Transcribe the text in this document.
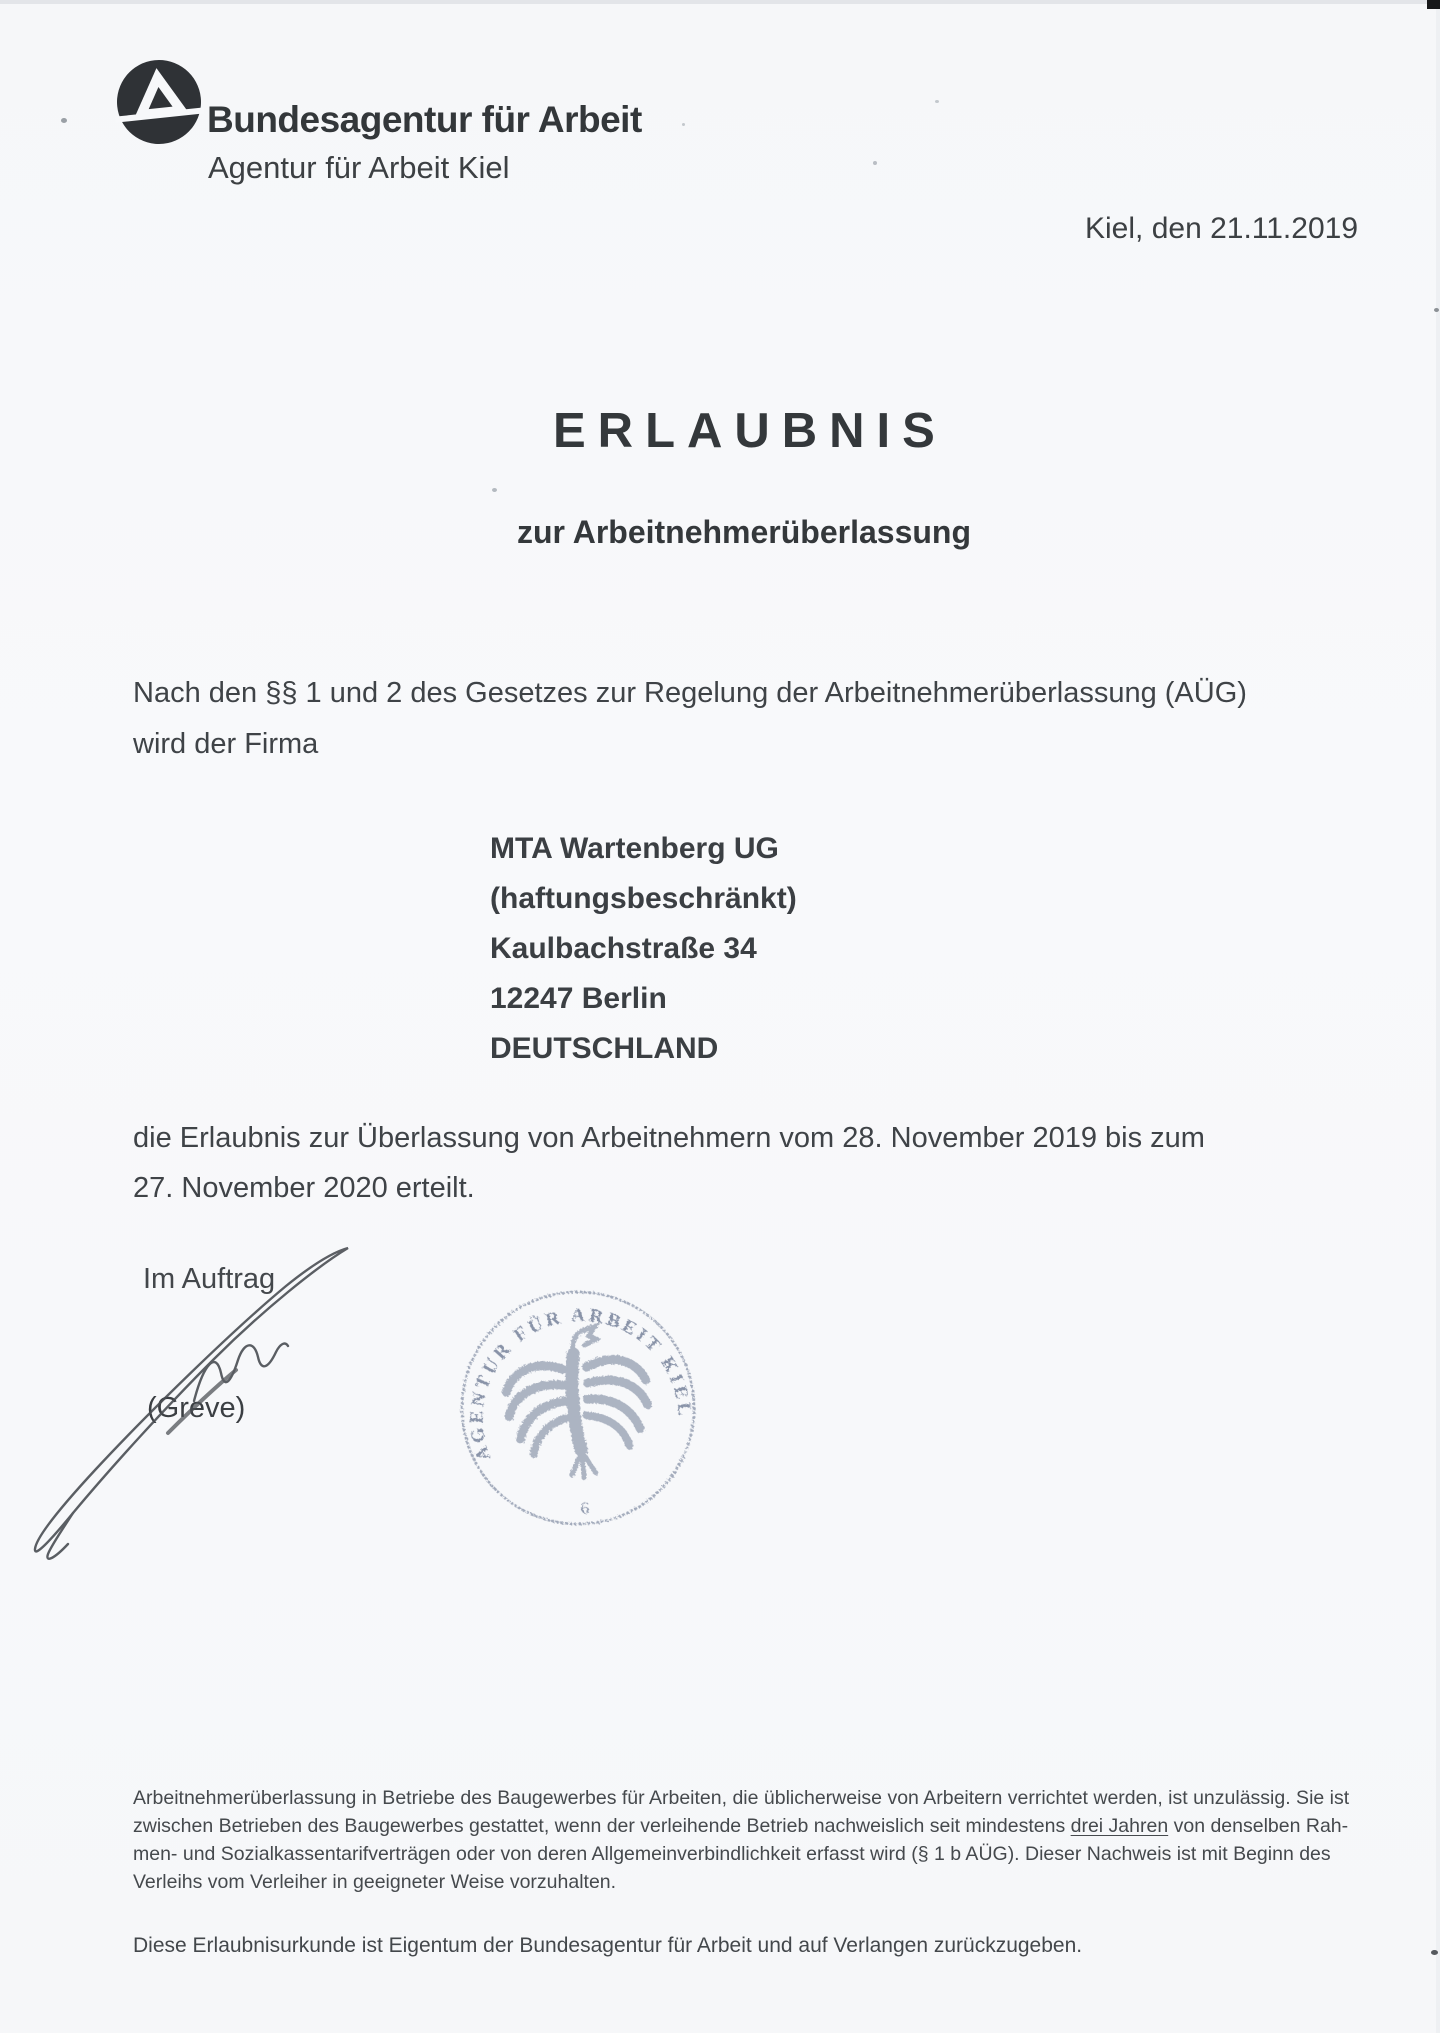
Bundesagentur für Arbeit
Agentur für Arbeit Kiel
Kiel, den 21.11.2019
ERLAUBNIS
zur Arbeitnehmerüberlassung
Nach den §§ 1 und 2 des Gesetzes zur Regelung der Arbeitnehmerüberlassung (AÜG)
wird der Firma
MTA Wartenberg UG
(haftungsbeschränkt)
Kaulbachstraße 34
12247 Berlin
DEUTSCHLAND
die Erlaubnis zur Überlassung von Arbeitnehmern vom 28. November 2019 bis zum
27. November 2020 erteilt.
Im Auftrag
(Greve)
AGENTUR FÜR ARBEIT KIEL
6
Arbeitnehmerüberlassung in Betriebe des Baugewerbes für Arbeiten, die üblicherweise von Arbeitern verrichtet werden, ist unzulässig. Sie ist
zwischen Betrieben des Baugewerbes gestattet, wenn der verleihende Betrieb nachweislich seit mindestens drei Jahren von denselben Rah-
men- und Sozialkassentarifverträgen oder von deren Allgemeinverbindlichkeit erfasst wird (§ 1 b AÜG). Dieser Nachweis ist mit Beginn des
Verleihs vom Verleiher in geeigneter Weise vorzuhalten.
Diese Erlaubnisurkunde ist Eigentum der Bundesagentur für Arbeit und auf Verlangen zurückzugeben.
